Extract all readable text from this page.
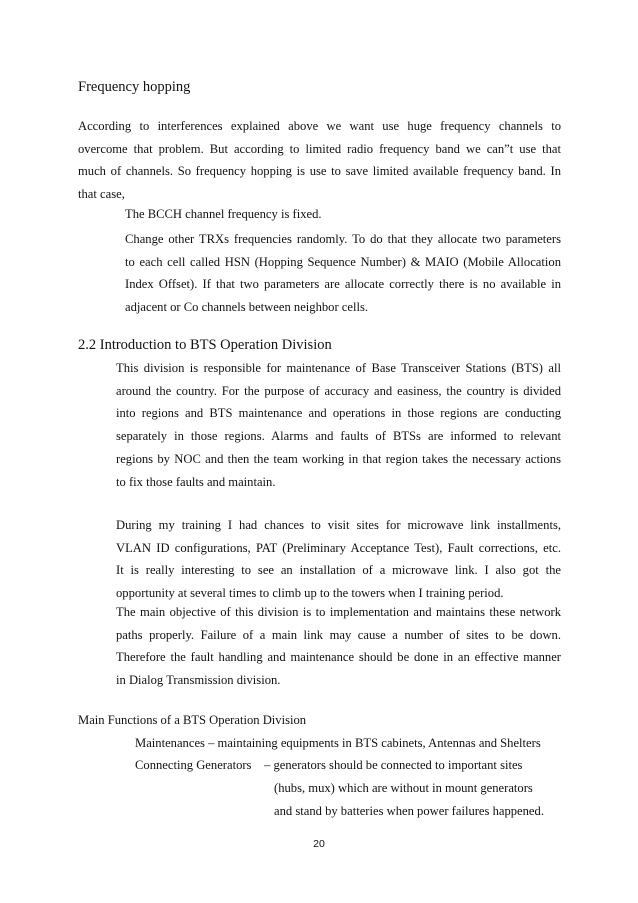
Frequency hopping
According to interferences explained above we want use huge frequency channels to
overcome that problem. But according to limited radio frequency band we can”t use that
much of channels. So frequency hopping is use to save limited available frequency band. In
that case,
The BCCH channel frequency is fixed.
Change other TRXs frequencies randomly. To do that they allocate two parameters
to each cell called HSN (Hopping Sequence Number) & MAIO (Mobile Allocation
Index Offset). If that two parameters are allocate correctly there is no available in
adjacent or Co channels between neighbor cells.
2.2 Introduction to BTS Operation Division
This division is responsible for maintenance of Base Transceiver Stations (BTS) all
around the country. For the purpose of accuracy and easiness, the country is divided
into regions and BTS maintenance and operations in those regions are conducting
separately in those regions. Alarms and faults of BTSs are informed to relevant
regions by NOC and then the team working in that region takes the necessary actions
to fix those faults and maintain.
During my training I had chances to visit sites for microwave link installments,
VLAN ID configurations, PAT (Preliminary Acceptance Test), Fault corrections, etc.
It is really interesting to see an installation of a microwave link. I also got the
opportunity at several times to climb up to the towers when I training period.
The main objective of this division is to implementation and maintains these network
paths properly. Failure of a main link may cause a number of sites to be down.
Therefore the fault handling and maintenance should be done in an effective manner
in Dialog Transmission division.
Main Functions of a BTS Operation Division
Maintenances – maintaining equipments in BTS cabinets, Antennas and Shelters
Connecting Generators – generators should be connected to important sites
(hubs, mux) which are without in mount generators
and stand by batteries when power failures happened.
20
